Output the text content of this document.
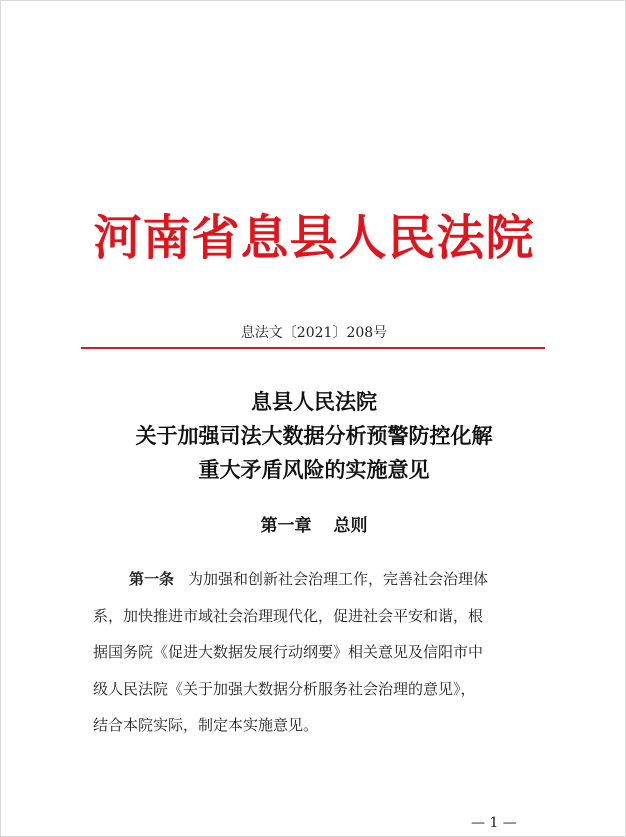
河南省息县人民法院
息法文〔2021〕208号
息县人民法院
关于加强司法大数据分析预警防控化解
重大矛盾风险的实施意见
第一章 总则
第一条 为加强和创新社会治理工作，完善社会治理体
系，加快推进市域社会治理现代化，促进社会平安和谐，根
据国务院《促进大数据发展行动纲要》相关意见及信阳市中
级人民法院《关于加强大数据分析服务社会治理的意见》，
结合本院实际，制定本实施意见。
— 1 —
